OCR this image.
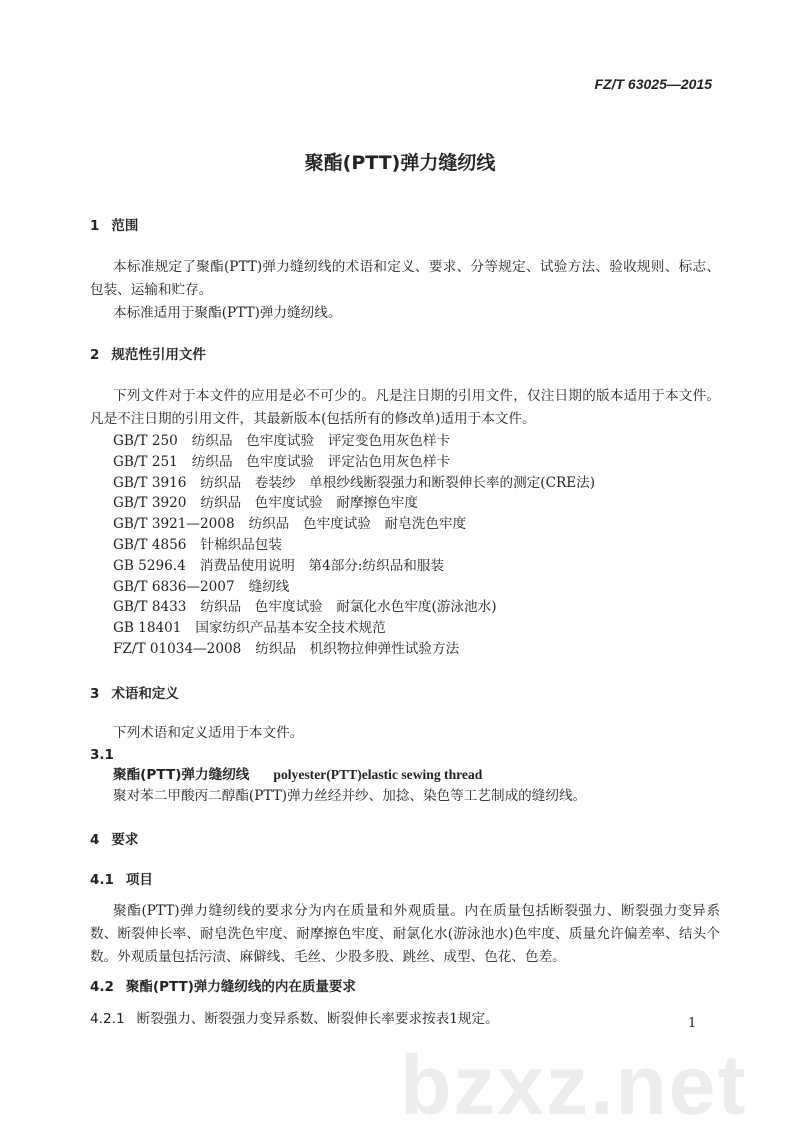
FZ/T 63025—2015
聚酯(PTT)弹力缝纫线
1 范围
本标准规定了聚酯(PTT)弹力缝纫线的术语和定义、要求、分等规定、试验方法、验收规则、标志、包装、运输和贮存。
本标准适用于聚酯(PTT)弹力缝纫线。
2 规范性引用文件
下列文件对于本文件的应用是必不可少的。凡是注日期的引用文件，仅注日期的版本适用于本文件。凡是不注日期的引用文件，其最新版本(包括所有的修改单)适用于本文件。
GB/T 250 纺织品　色牢度试验　评定变色用灰色样卡
GB/T 251 纺织品　色牢度试验　评定沾色用灰色样卡
GB/T 3916 纺织品　卷装纱　单根纱线断裂强力和断裂伸长率的测定(CRE法)
GB/T 3920 纺织品　色牢度试验　耐摩擦色牢度
GB/T 3921—2008 纺织品　色牢度试验　耐皂洗色牢度
GB/T 4856 针棉织品包装
GB 5296.4 消费品使用说明　第4部分:纺织品和服装
GB/T 6836—2007 缝纫线
GB/T 8433 纺织品　色牢度试验　耐氯化水色牢度(游泳池水)
GB 18401 国家纺织产品基本安全技术规范
FZ/T 01034—2008 纺织品　机织物拉伸弹性试验方法
3 术语和定义
下列术语和定义适用于本文件。
3.1
聚酯(PTT)弹力缝纫线 polyester(PTT)elastic sewing thread
聚对苯二甲酸丙二醇酯(PTT)弹力丝经并纱、加捻、染色等工艺制成的缝纫线。
4 要求
4.1 项目
聚酯(PTT)弹力缝纫线的要求分为内在质量和外观质量。内在质量包括断裂强力、断裂强力变异系数、断裂伸长率、耐皂洗色牢度、耐摩擦色牢度、耐氯化水(游泳池水)色牢度、质量允许偏差率、结头个数。外观质量包括污渍、麻僻线、毛丝、少股多股、跳丝、成型、色花、色差。
4.2 聚酯(PTT)弹力缝纫线的内在质量要求
4.2.1 断裂强力、断裂强力变异系数、断裂伸长率要求按表1规定。
bzxz.net
1
